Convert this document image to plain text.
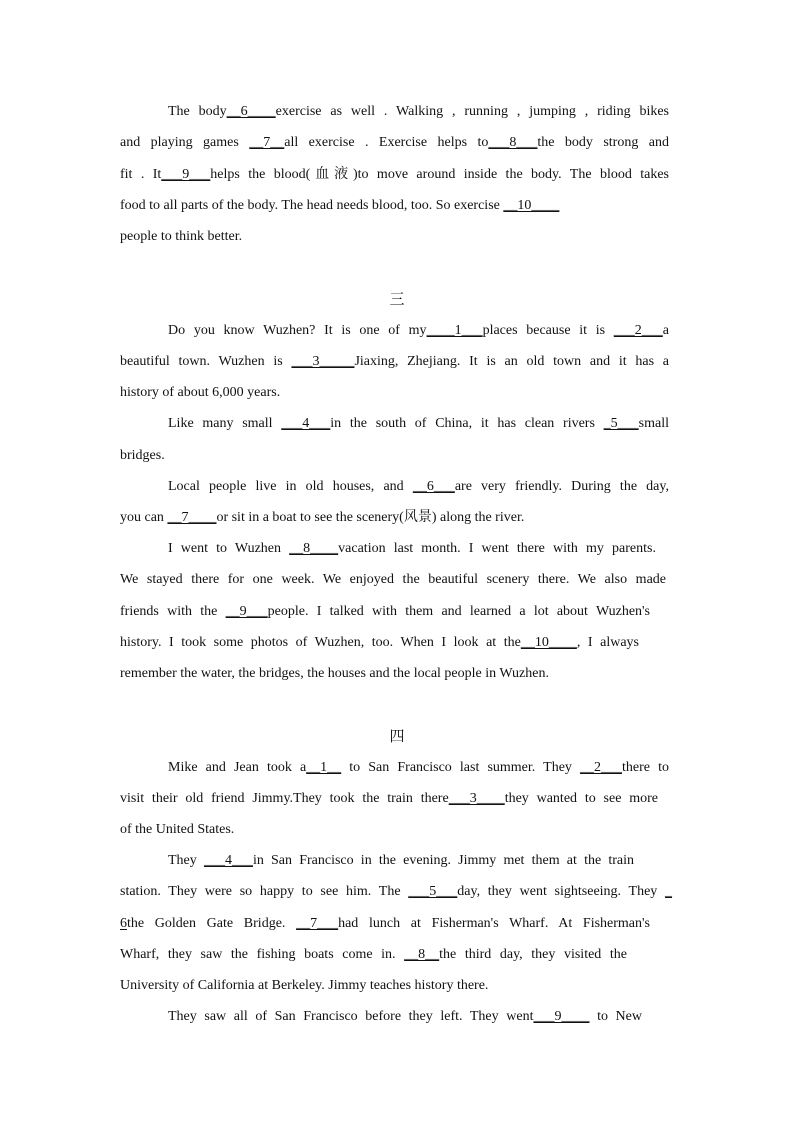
The body__6____exercise as well . Walking , running , jumping , riding bikes
and playing games __7__all exercise . Exercise helps to___8___the body strong and
fit . It___9___helps the blood(血液)to move around inside the body. The blood takes
food to all parts of the body. The head needs blood, too. So exercise __10____
people to think better.
三
Do you know Wuzhen? It is one of my____1___places because it is ___2___a
beautiful town. Wuzhen is ___3_____Jiaxing, Zhejiang. It is an old town and it has a
history of about 6,000 years.
Like many small ___4___in the south of China, it has clean rivers _5___small
bridges.
Local people live in old houses, and __6___are very friendly. During the day,
you can __7____or sit in a boat to see the scenery(风景) along the river.
I went to Wuzhen __8____vacation last month. I went there with my parents.
We stayed there for one week. We enjoyed the beautiful scenery there. We also made
friends with the __9___people. I talked with them and learned a lot about Wuzhen's
history. I took some photos of Wuzhen, too. When I look at the__10____, I always
remember the water, the bridges, the houses and the local people in Wuzhen.
四
Mike and Jean took a__1__ to San Francisco last summer. They __2___there to
visit their old friend Jimmy.They took the train there___3____they wanted to see more
of the United States.
They ___4___in San Francisco in the evening. Jimmy met them at the train
station. They were so happy to see him. The ___5___day, they went sightseeing. They _
6the Golden Gate Bridge. __7___had lunch at Fisherman's Wharf. At Fisherman's
Wharf, they saw the fishing boats come in. __8__the third day, they visited the
University of California at Berkeley. Jimmy teaches history there.
They saw all of San Francisco before they left. They went___9____ to New
